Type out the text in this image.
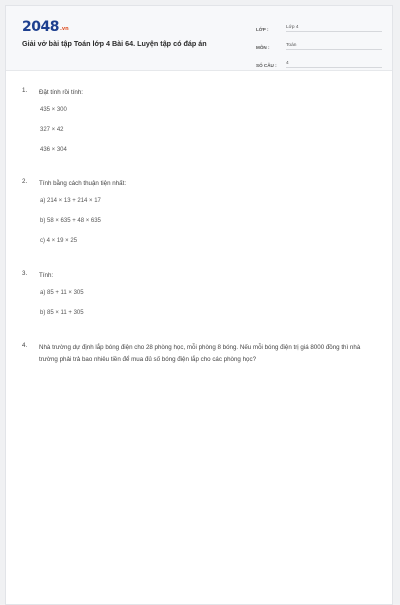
2048.vn
Giải vở bài tập Toán lớp 4 Bài 64. Luyện tập có đáp án
LỚP :	Lớp 4
MÔN :	Toán
SỐ CÂU :	4
1. Đặt tính rồi tính:
435 × 300
327 × 42
436 × 304
2. Tính bằng cách thuận tiện nhất:
a) 214 × 13 + 214 × 17
b) 58 × 635 + 48 × 635
c) 4 × 19 × 25
3. Tính:
a) 85 + 11 × 305
b) 85 × 11 + 305
4. Nhà trường dự định lắp bóng điện cho 28 phòng học, mỗi phòng 8 bóng. Nếu mỗi bóng điện trị giá 8000 đồng thì nhà trường phải trả bao nhiêu tiền để mua đủ số bóng điện lắp cho các phòng học?
